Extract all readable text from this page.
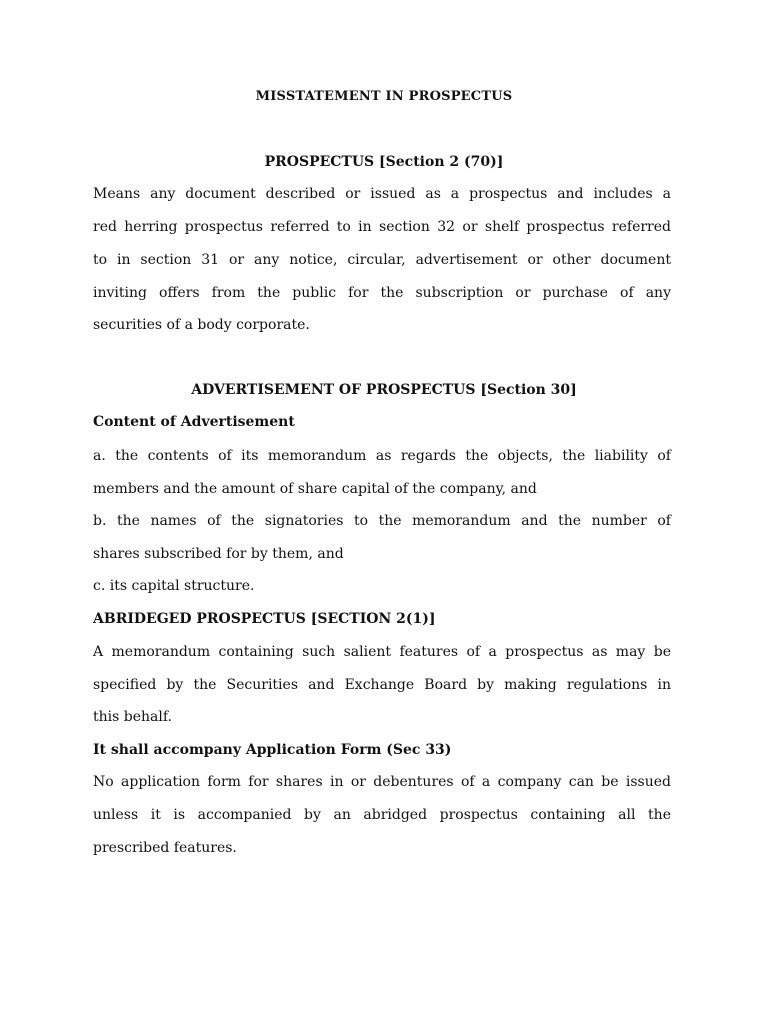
MISSTATEMENT IN PROSPECTUS
PROSPECTUS [Section 2 (70)]
Means any document described or issued as a prospectus and includes a
red herring prospectus referred to in section 32 or shelf prospectus referred
to in section 31 or any notice, circular, advertisement or other document
inviting offers from the public for the subscription or purchase of any
securities of a body corporate.
ADVERTISEMENT OF PROSPECTUS [Section 30]
Content of Advertisement
a. the contents of its memorandum as regards the objects, the liability of
members and the amount of share capital of the company, and
b. the names of the signatories to the memorandum and the number of
shares subscribed for by them, and
c. its capital structure.
ABRIDEGED PROSPECTUS [SECTION 2(1)]
A memorandum containing such salient features of a prospectus as may be
specified by the Securities and Exchange Board by making regulations in
this behalf.
It shall accompany Application Form (Sec 33)
No application form for shares in or debentures of a company can be issued
unless it is accompanied by an abridged prospectus containing all the
prescribed features.
